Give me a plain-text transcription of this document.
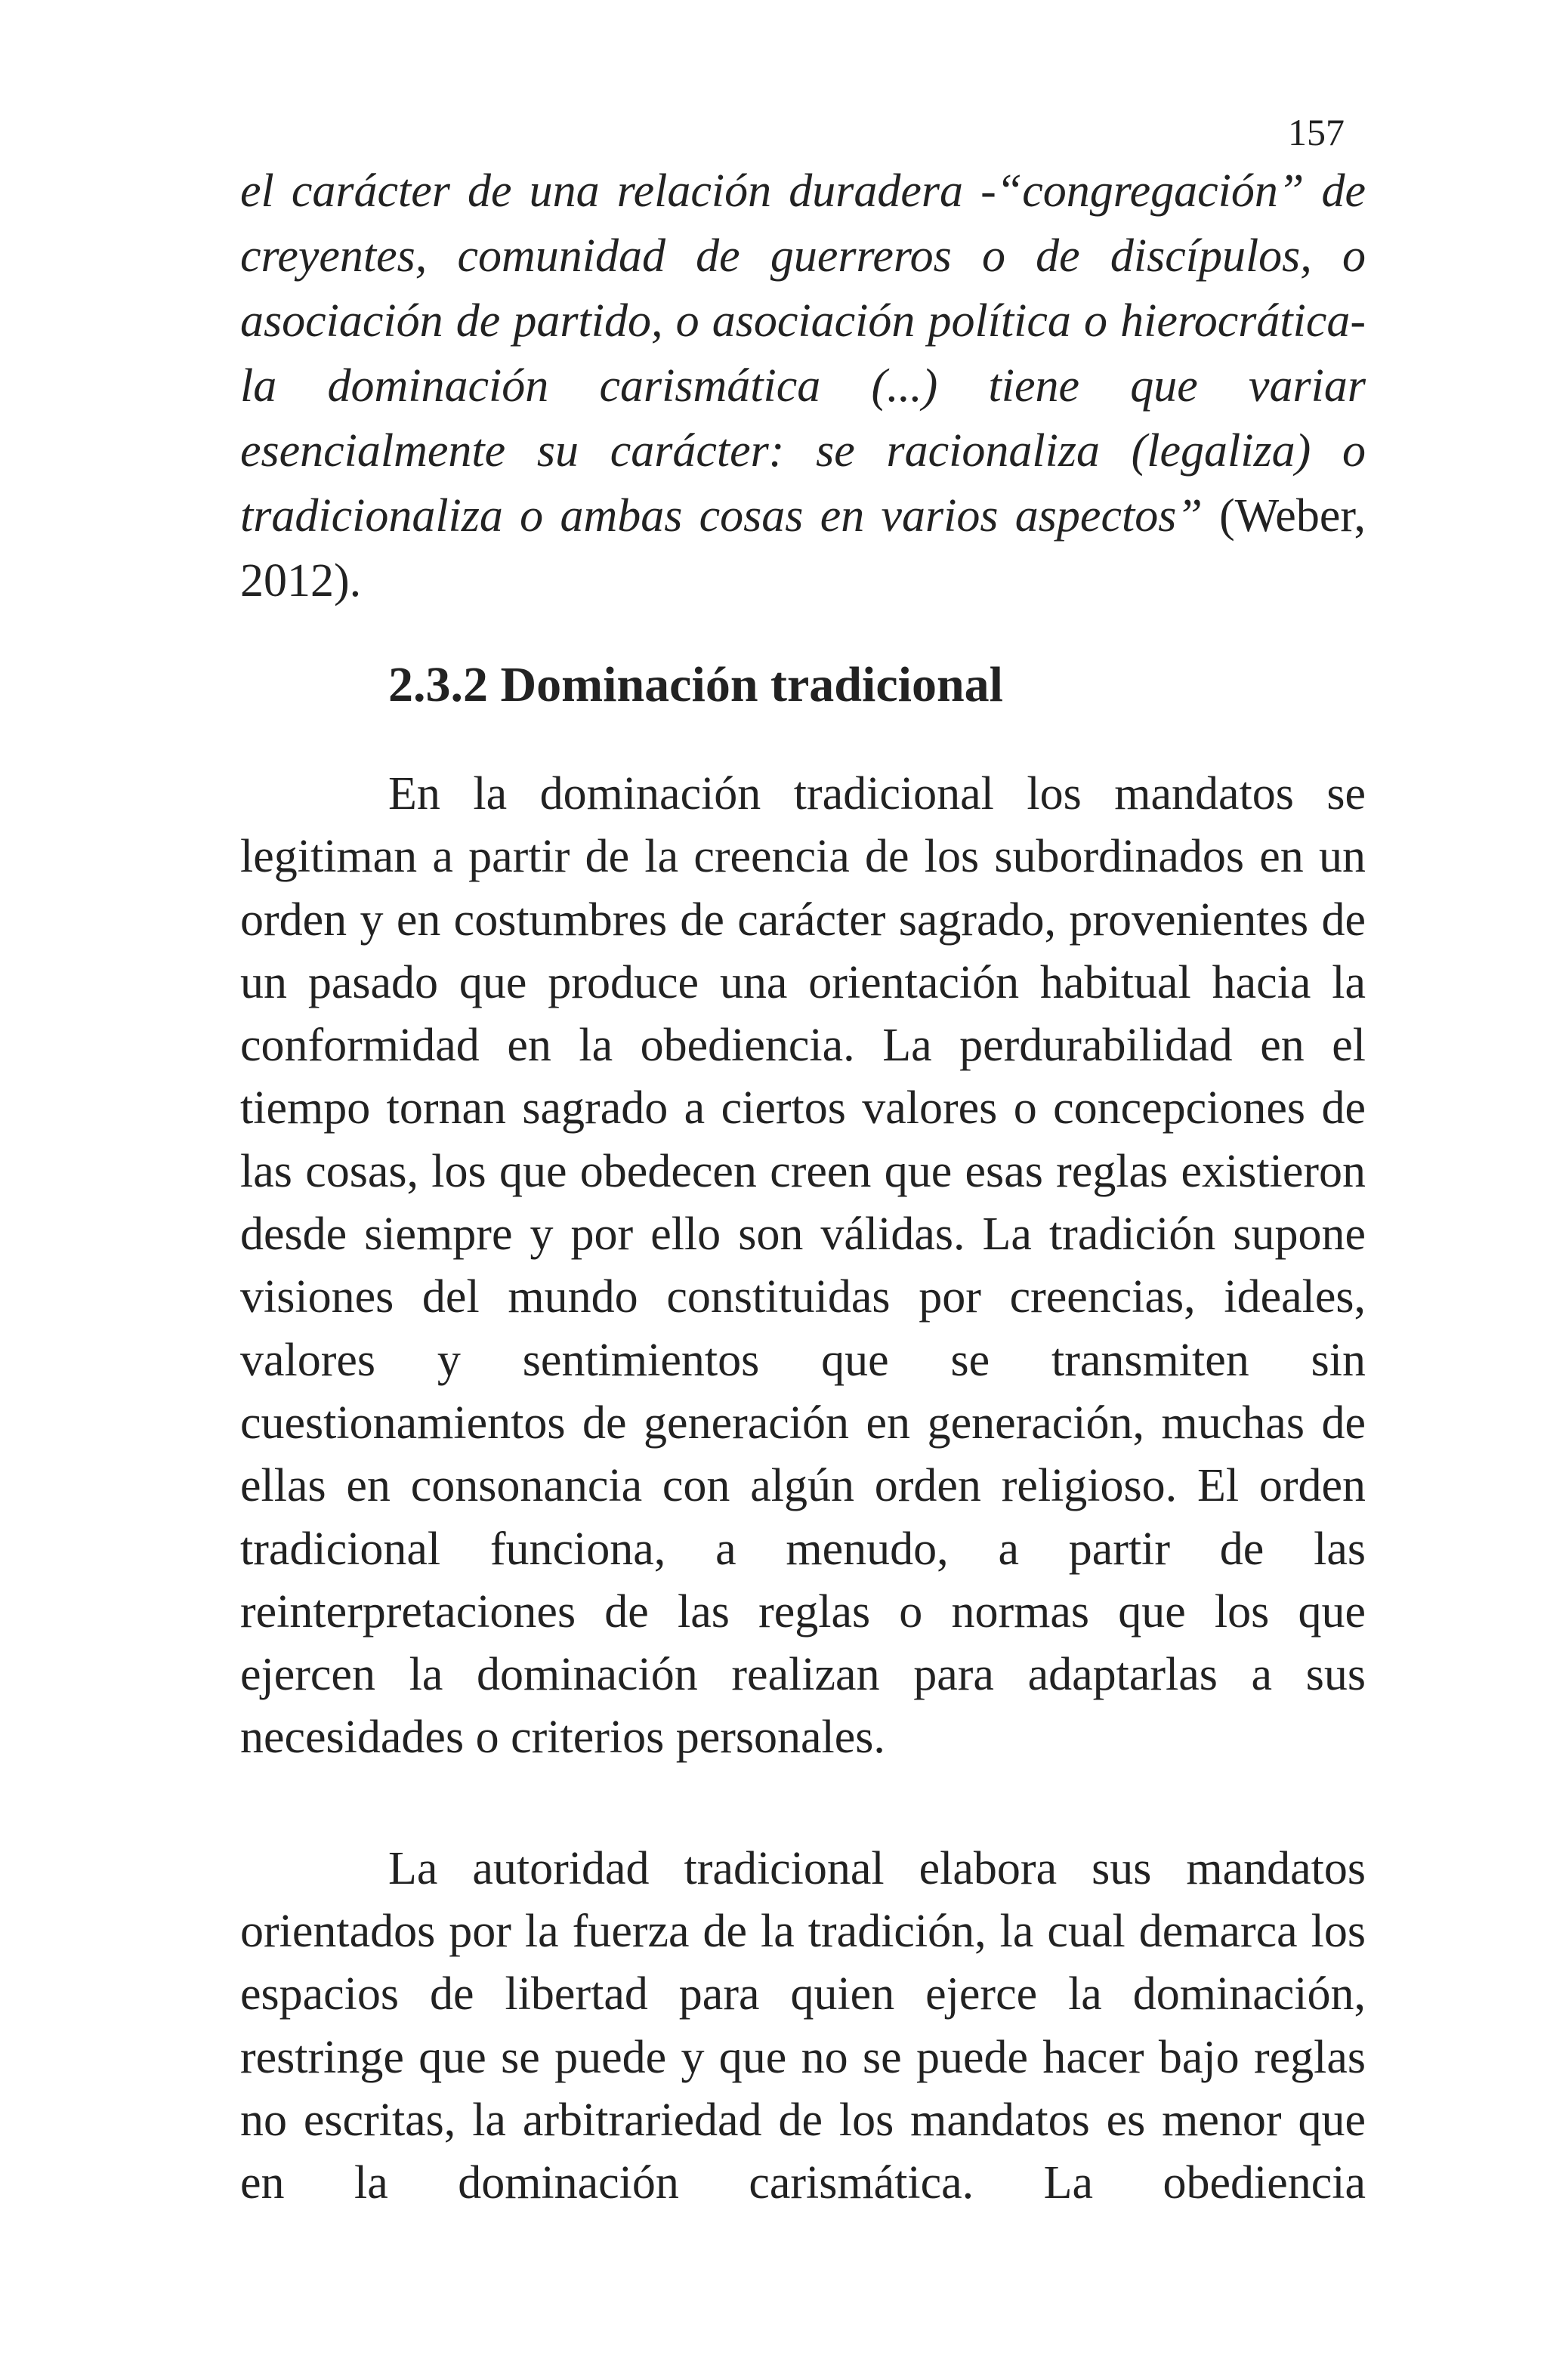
157

el carácter de una relación duradera -“congregación” de creyentes, comunidad de guerreros o de discípulos, o asociación de partido, o asociación política o hierocrática- la dominación carismática (...) tiene que variar esencialmente su carácter: se racionaliza (legaliza) o tradicionaliza o ambas cosas en varios aspectos” (Weber, 2012).

2.3.2 Dominación tradicional

En la dominación tradicional los mandatos se legitiman a partir de la creencia de los subordinados en un orden y en costumbres de carácter sagrado, provenientes de un pasado que produce una orientación habitual hacia la conformidad en la obediencia. La perdurabilidad en el tiempo tornan sagrado a ciertos valores o concepciones de las cosas, los que obedecen creen que esas reglas existieron desde siempre y por ello son válidas. La tradición supone visiones del mundo constituidas por creencias, ideales, valores y sentimientos que se transmiten sin cuestionamientos de generación en generación, muchas de ellas en consonancia con algún orden religioso. El orden tradicional funciona, a menudo, a partir de las reinterpretaciones de las reglas o normas que los que ejercen la dominación realizan para adaptarlas a sus necesidades o criterios personales.

La autoridad tradicional elabora sus mandatos orientados por la fuerza de la tradición, la cual demarca los espacios de libertad para quien ejerce la dominación, restringe que se puede y que no se puede hacer bajo reglas no escritas, la arbitrariedad de los mandatos es menor que en la dominación carismática. La obediencia
